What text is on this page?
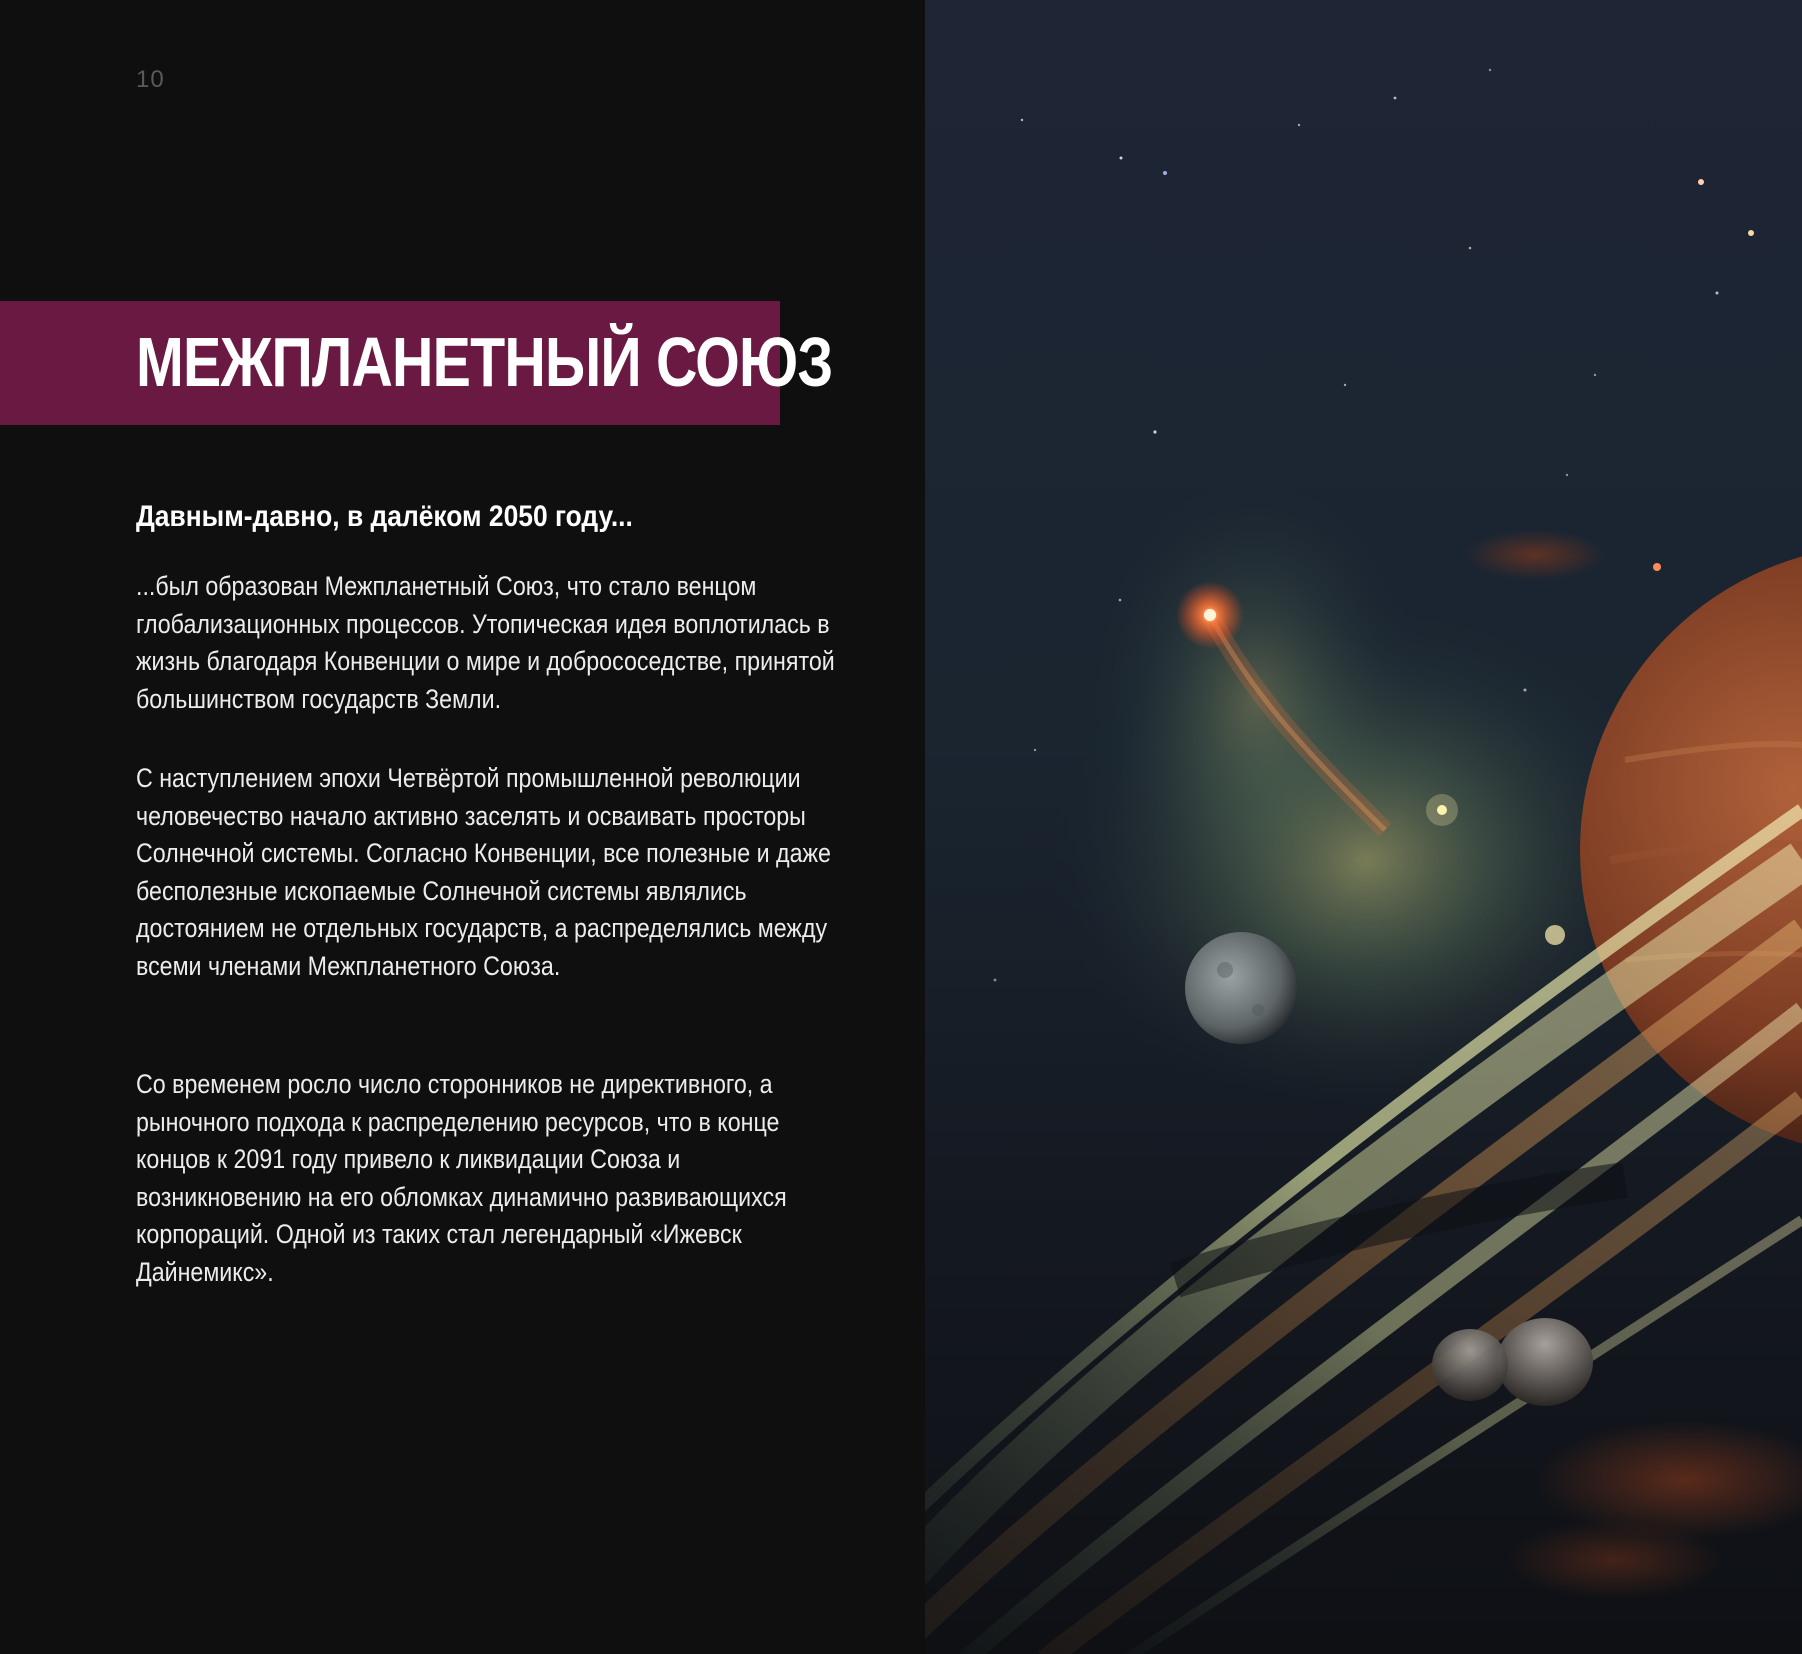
10
МЕЖПЛАНЕТНЫЙ СОЮЗ
Давным-давно, в далёком 2050 году...

...был образован Межпланетный Союз, что стало венцом глобализационных процессов. Утопическая идея воплотилась в жизнь благодаря Конвенции о мире и добрососедстве, принятой большинством государств Земли.

С наступлением эпохи Четвёртой промышленной революции человечество начало активно заселять и осваивать просторы Солнечной системы. Согласно Конвенции, все полезные и даже бесполезные ископаемые Солнечной системы являлись достоянием не отдельных государств, а распределялись между всеми членами Межпланетного Союза.

Со временем росло число сторонников не директивного, а рыночного подхода к распределению ресурсов, что в конце концов к 2091 году привело к ликвидации Союза и возникновению на его обломках динамично развивающихся корпораций. Одной из таких стал легендарный «Ижевск Дайнемикс».
